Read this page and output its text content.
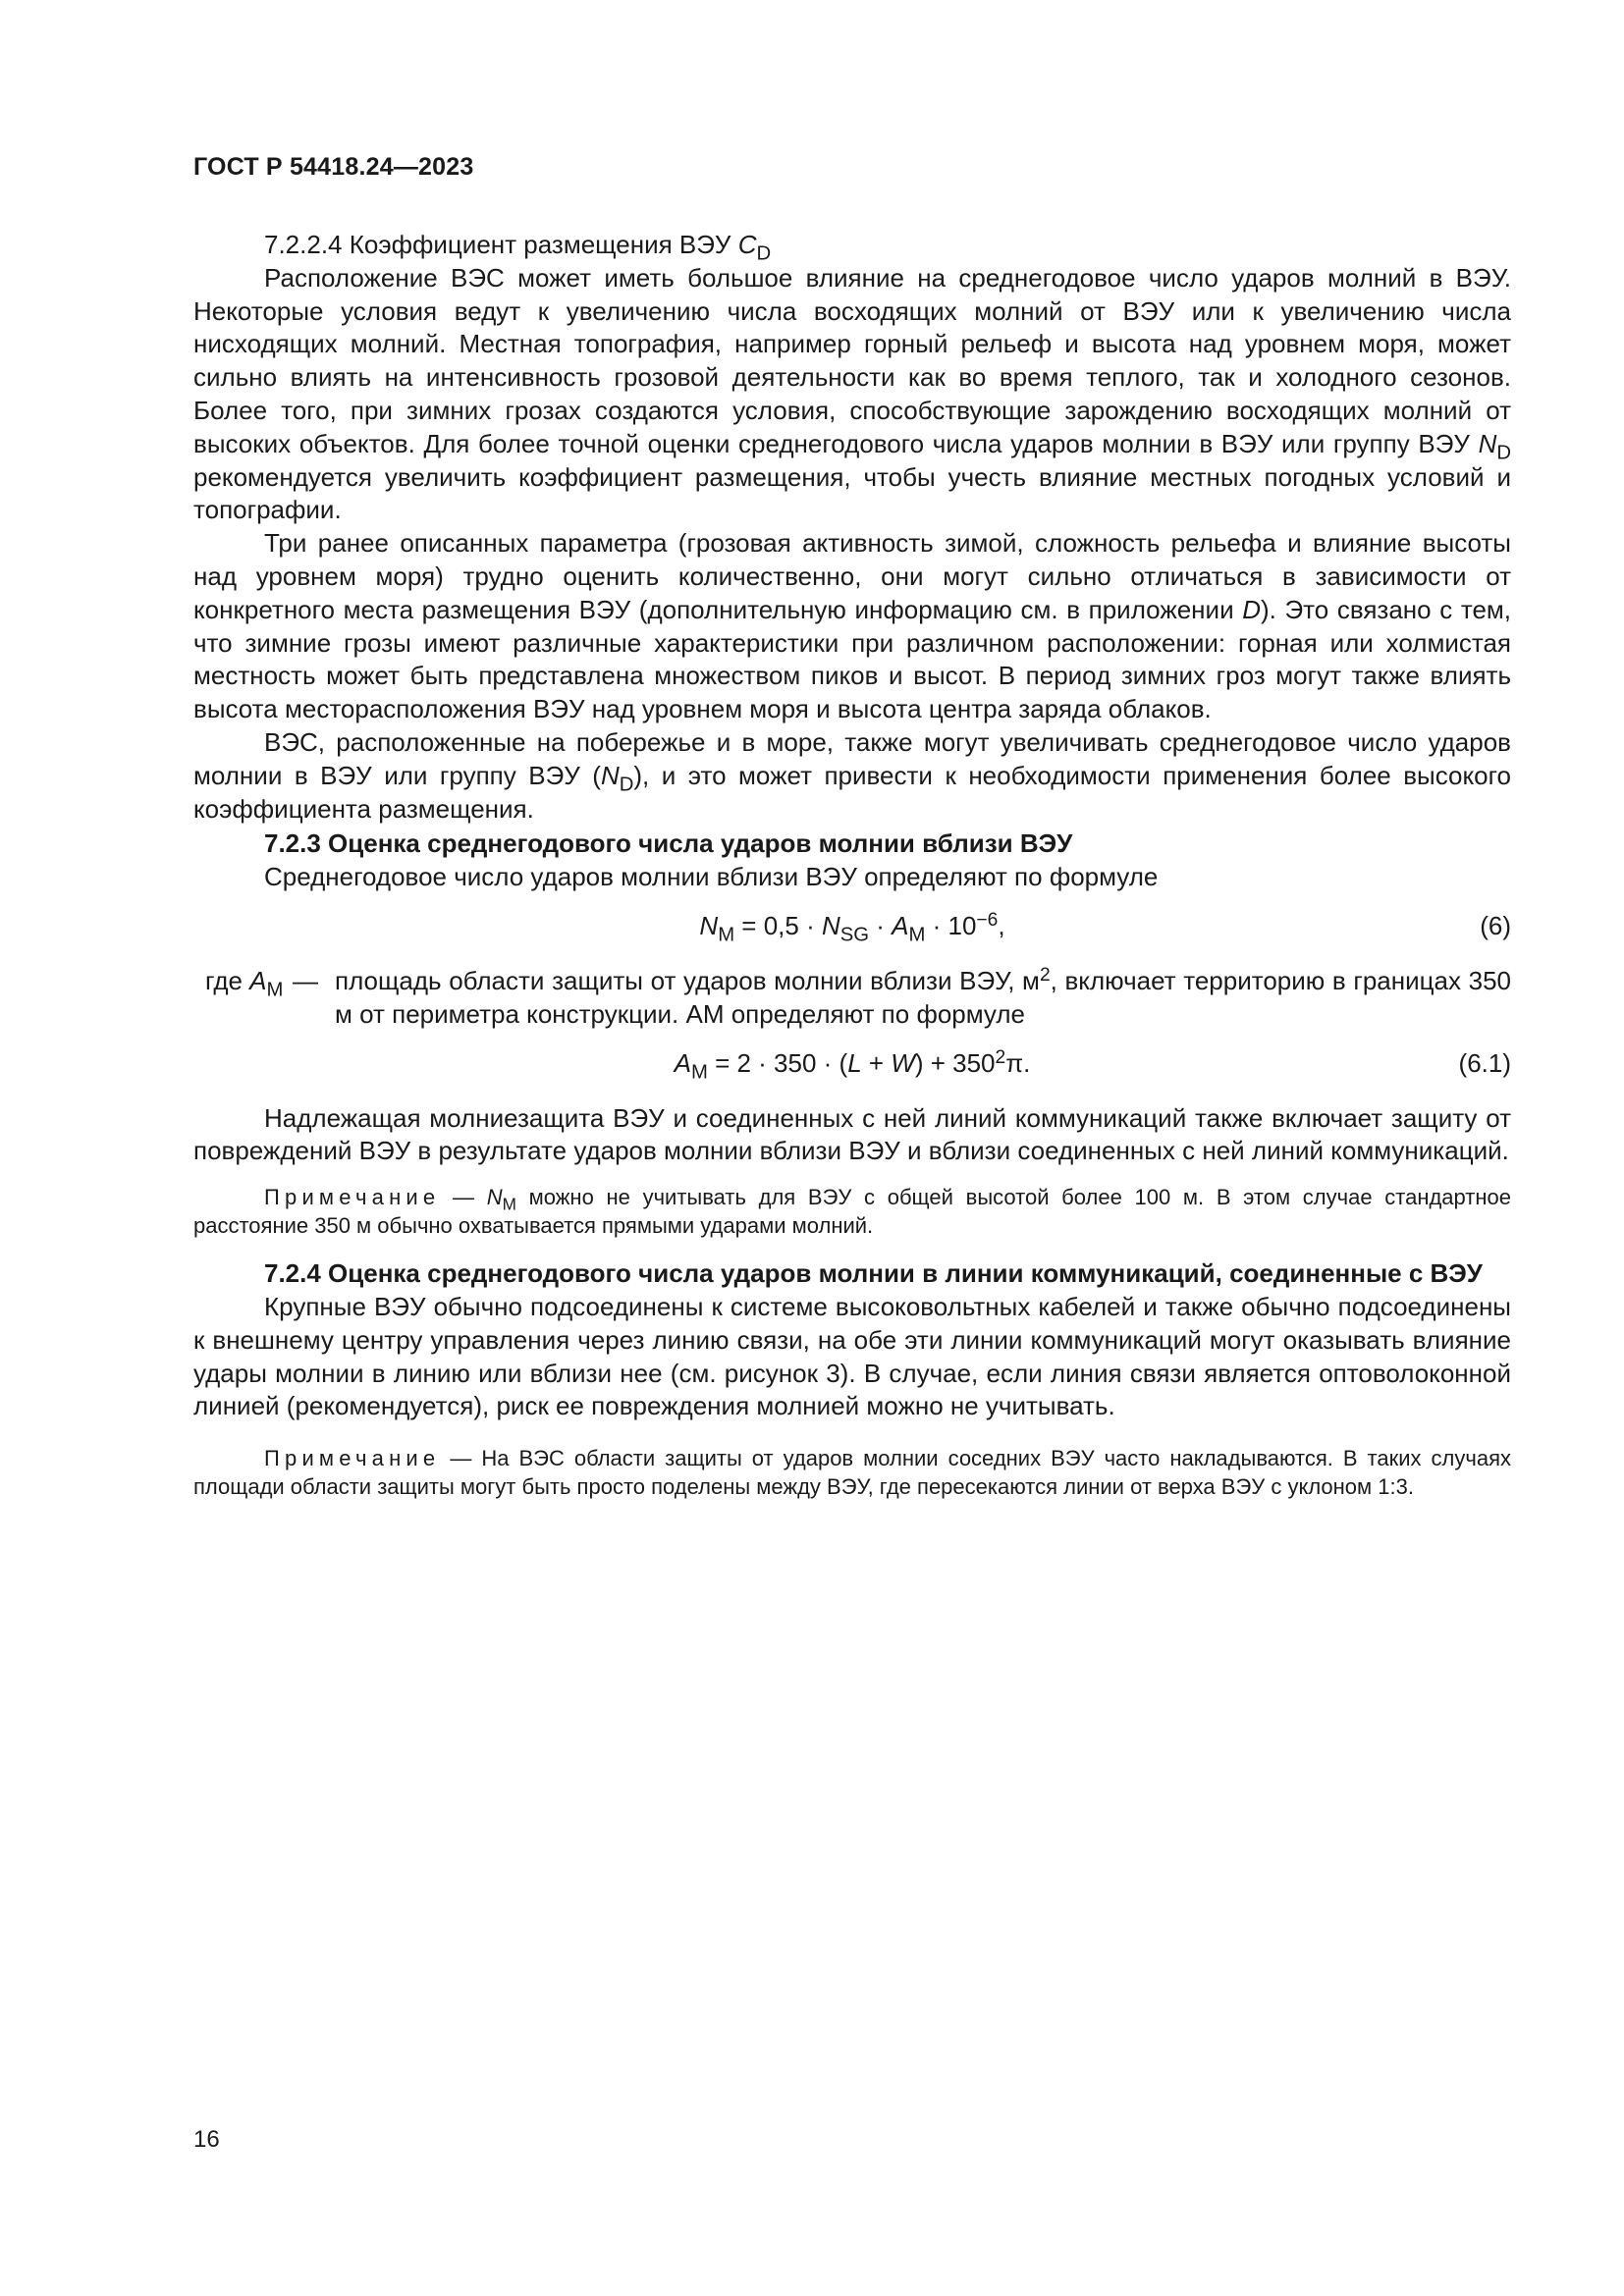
ГОСТ Р 54418.24—2023

7.2.2.4 Коэффициент размещения ВЭУ $C_D$

Расположение ВЭС может иметь большое влияние на среднегодовое число ударов молний в ВЭУ. Некоторые условия ведут к увеличению числа восходящих молний от ВЭУ или к увеличению числа нисходящих молний. Местная топография, например горный рельеф и высота над уровнем моря, может сильно влиять на интенсивность грозовой деятельности как во время теплого, так и холодного сезонов. Более того, при зимних грозах создаются условия, способствующие зарождению восходящих молний от высоких объектов. Для более точной оценки среднегодового числа ударов молнии в ВЭУ или группу ВЭУ $N_D$ рекомендуется увеличить коэффициент размещения, чтобы учесть влияние местных погодных условий и топографии.

Три ранее описанных параметра (грозовая активность зимой, сложность рельефа и влияние высоты над уровнем моря) трудно оценить количественно, они могут сильно отличаться в зависимости от конкретного места размещения ВЭУ (дополнительную информацию см. в приложении D). Это связано с тем, что зимние грозы имеют различные характеристики при различном расположении: горная или холмистая местность может быть представлена множеством пиков и высот. В период зимних гроз могут также влиять высота месторасположения ВЭУ над уровнем моря и высота центра заряда облаков.

ВЭС, расположенные на побережье и в море, также могут увеличивать среднегодовое число ударов молнии в ВЭУ или группу ВЭУ $(N_D)$, и это может привести к необходимости применения более высокого коэффициента размещения.

7.2.3 Оценка среднегодового числа ударов молнии вблизи ВЭУ

Среднегодовое число ударов молнии вблизи ВЭУ определяют по формуле

$N_M = 0,5 \cdot N_{SG} \cdot A_M \cdot 10^{-6}$,	(6)
где $A_M$ — площадь области защиты от ударов молнии вблизи ВЭУ, $м^2$, включает территорию в границах 350 м от периметра конструкции. АМ определяют по формуле
$A_M = 2 \cdot 350 \cdot (L + W) + 350^2\pi$.	(6.1)

Надлежащая молниезащита ВЭУ и соединенных с ней линий коммуникаций также включает защиту от повреждений ВЭУ в результате ударов молнии вблизи ВЭУ и вблизи соединенных с ней линий коммуникаций.

Примечание — $N_M$ можно не учитывать для ВЭУ с общей высотой более 100 м. В этом случае стандартное расстояние 350 м обычно охватывается прямыми ударами молний.

7.2.4 Оценка среднегодового числа ударов молнии в линии коммуникаций, соединенные с ВЭУ

Крупные ВЭУ обычно подсоединены к системе высоковольтных кабелей и также обычно подсоединены к внешнему центру управления через линию связи, на обе эти линии коммуникаций могут оказывать влияние удары молнии в линию или вблизи нее (см. рисунок 3). В случае, если линия связи является оптоволоконной линией (рекомендуется), риск ее повреждения молнией можно не учитывать.

Примечание — На ВЭС области защиты от ударов молнии соседних ВЭУ часто накладываются. В таких случаях площади области защиты могут быть просто поделены между ВЭУ, где пересекаются линии от верха ВЭУ с уклоном 1:3.

16
